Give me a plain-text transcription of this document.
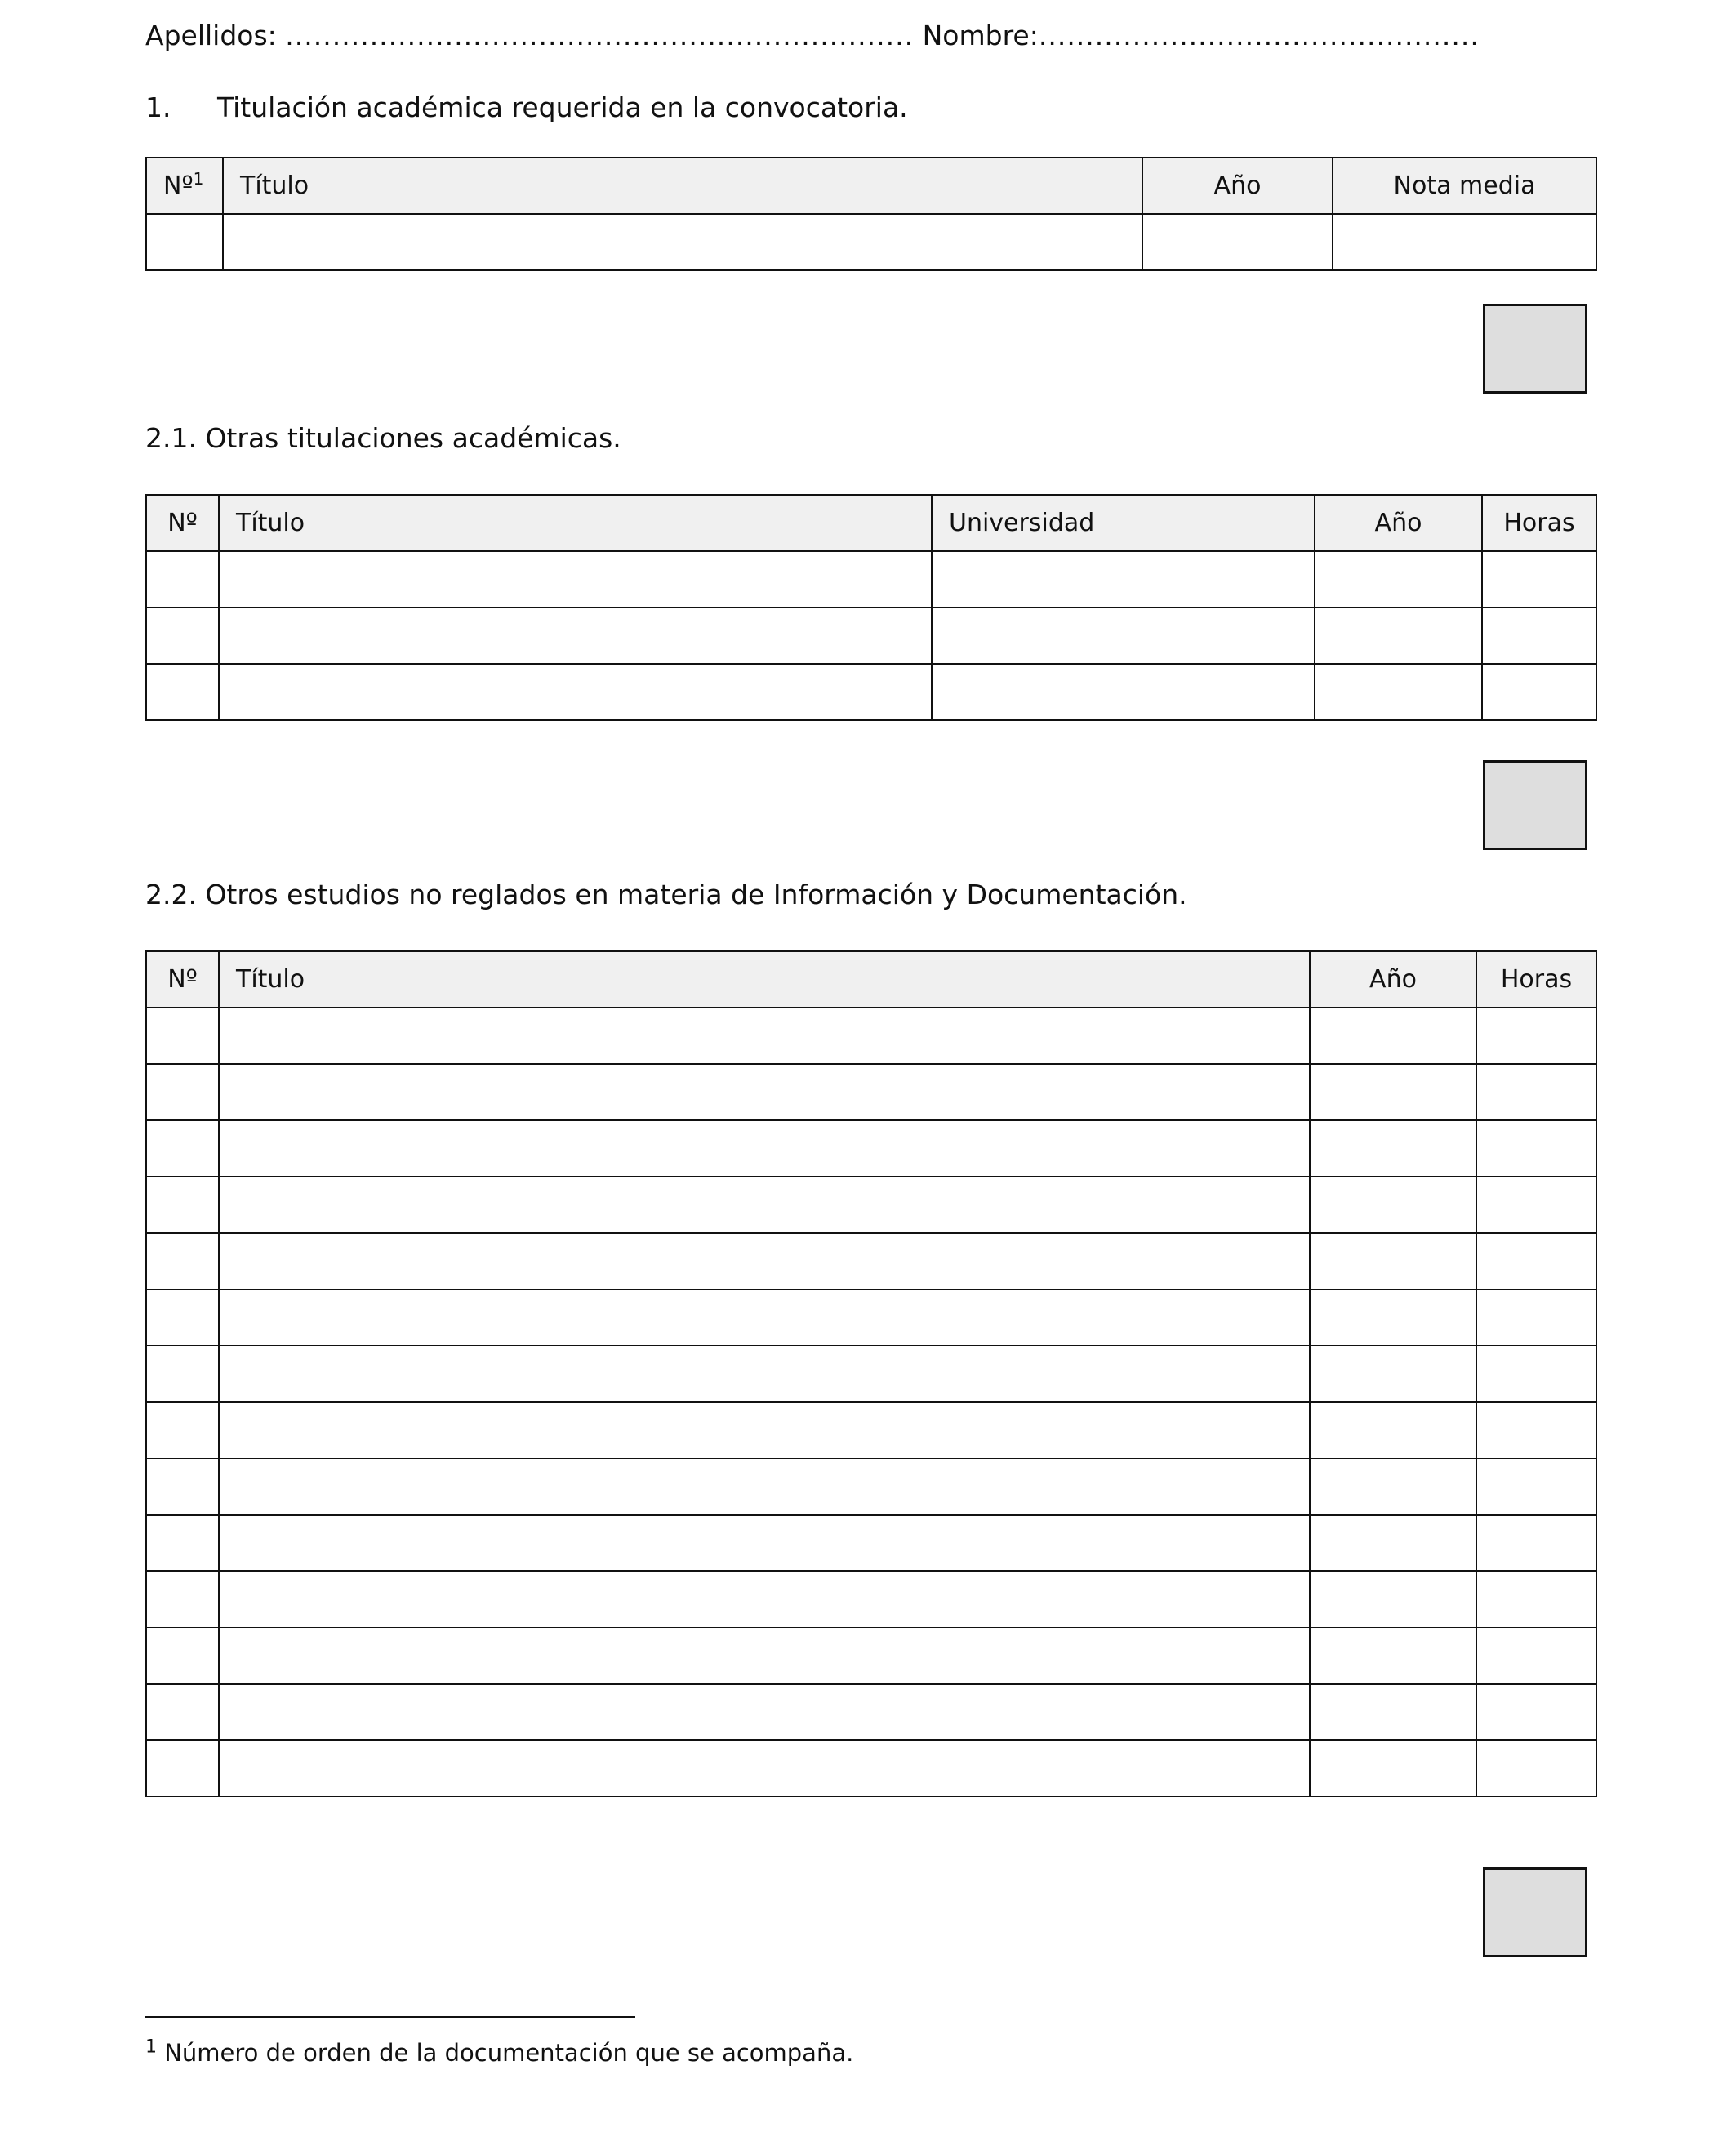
Apellidos: ................................................................... Nombre:...............................................
1. Titulación académica requerida en la convocatoria.
Nº$^1$	Título	Año	Nota media

2.1. Otras titulaciones académicas.
Nº	Título	Universidad	Año	Horas

2.2. Otros estudios no reglados en materia de Información y Documentación.
Nº	Título	Año	Horas

$^1$ Número de orden de la documentación que se acompaña.
